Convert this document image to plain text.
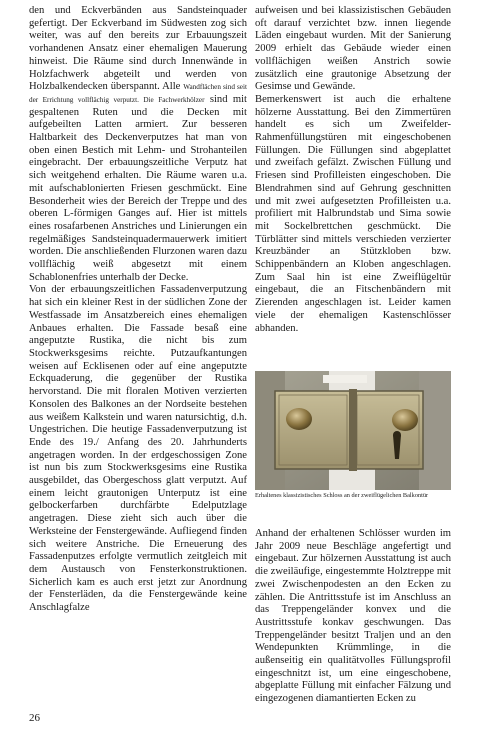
den und Eckverbänden aus Sandsteinquader gefertigt. Der Eckverband im Südwesten zog sich weiter, was auf den bereits zur Erbauungszeit vorhandenen Ansatz einer ehemaligen Mauerung hinweist. Die Räume sind durch Innenwände in Holzfachwerk abgeteilt und werden von Holzbalkendecken überspannt. Alle Wandflächen sind seit der Errichtung vollflächig verputzt. Die Fachwerkhölzer sind mit gespaltenen Ruten und die Decken mit aufgebeilten Latten armiert. Zur besseren Haltbarkeit des Deckenverputzes hat man von oben einen Bestich mit Lehm- und Strohanteilen eingebracht. Der erbauungszeitliche Verputz hat sich weitgehend erhalten. Die Räume waren u.a. mit aufschablonierten Friesen geschmückt. Eine Besonderheit wies der Bereich der Treppe und des oberen L-förmigen Ganges auf. Hier ist mittels eines rosafarbenen Anstriches und Linierungen ein regelmäßiges Sandsteinquadermauerwerk imitiert worden. Die anschließenden Flurzonen waren dazu vollflächig weiß abgesetzt mit einem Schablonenfries unterhalb der Decke.

Von der erbauungszeitlichen Fassadenverputzung hat sich ein kleiner Rest in der südlichen Zone der Westfassade im Ansatzbereich eines ehemaligen Anbaues erhalten. Die Fassade besaß eine angeputzte Rustika, die nicht bis zum Stockwerksgesims reichte. Putzaufkantungen weisen auf Ecklisenen oder auf eine angeputzte Eckquaderung, die gegenüber der Rustika hervorstand. Die mit floralen Motiven verzierten Konsolen des Balkones an der Nordseite bestehen aus weißem Kalkstein und waren natursichtig, d.h. Ungestrichen. Die heutige Fassadenverputzung ist Ende des 19./ Anfang des 20. Jahrhunderts angetragen worden. In der erdgeschossigen Zone ist nun bis zum Stockwerksgesims eine Rustika ausgebildet, das Obergeschoss glatt verputzt. Auf einem leicht grautonigen Unterputz ist eine gelbockerfarben durchfärbte Edelputzlage angetragen. Diese zieht sich auch über die Werksteine der Fenstergewände. Aufliegend finden sich weitere Anstriche. Die Erneuerung des Fassadenputzes erfolgte vermutlich zeitgleich mit dem Austausch von Fensterkonstruktionen. Sicherlich kam es auch erst jetzt zur Anordnung der Fensterläden, da die Fenstergewände keine Anschlagfalze

aufweisen und bei klassizistischen Gebäuden oft darauf verzichtet bzw. innen liegende Läden eingebaut wurden. Mit der Sanierung 2009 erhielt das Gebäude wieder einen vollflächigen weißen Anstrich sowie zusätzlich eine grautonige Absetzung der Gesimse und Gewände.

Bemerkenswert ist auch die erhaltene hölzerne Ausstattung. Bei den Zimmertüren handelt es sich um Zweifelder-Rahmenfüllungstüren mit eingeschobenen Füllungen. Die Füllungen sind abgeplattet und zweifach gefälzt. Zwischen Füllung und Friesen sind Profilleisten eingeschoben. Die Blendrahmen sind auf Gehrung geschnitten und mit zwei aufgesetzten Profilleisten u.a. profiliert mit Halbrundstab und Sima sowie mit Sockelbrettchen geschmückt. Die Türblätter sind mittels verschieden verzierter Kreuzbänder an Stützkloben bzw. Schippenbändern an Kloben angeschlagen. Zum Saal hin ist eine Zweiflügeltür eingebaut, die an Fitschenbändern mit Zierenden angeschlagen ist. Leider kamen viele der ehemaligen Kastenschlösser abhanden.

Erhaltenes klassizistisches Schloss an der zweiflügelichen Balkontür

Anhand der erhaltenen Schlösser wurden im Jahr 2009 neue Beschläge angefertigt und eingebaut. Zur hölzernen Ausstattung ist auch die zweiläufige, eingestemmte Holztreppe mit zwei Zwischenpodesten an den Ecken zu zählen. Die Antrittsstufe ist im Anschluss an das Treppengeländer konvex und die Austrittsstufe konkav geschwungen. Das Treppengeländer besitzt Traljen und an den Wendepunkten Krümmlinge, in die außenseitig ein qualitätvolles Füllungsprofil eingeschnitzt ist, um eine eingeschobene, abgeplatte Füllung mit einfacher Fälzung und eingezogenen diamantierten Ecken zu

26
